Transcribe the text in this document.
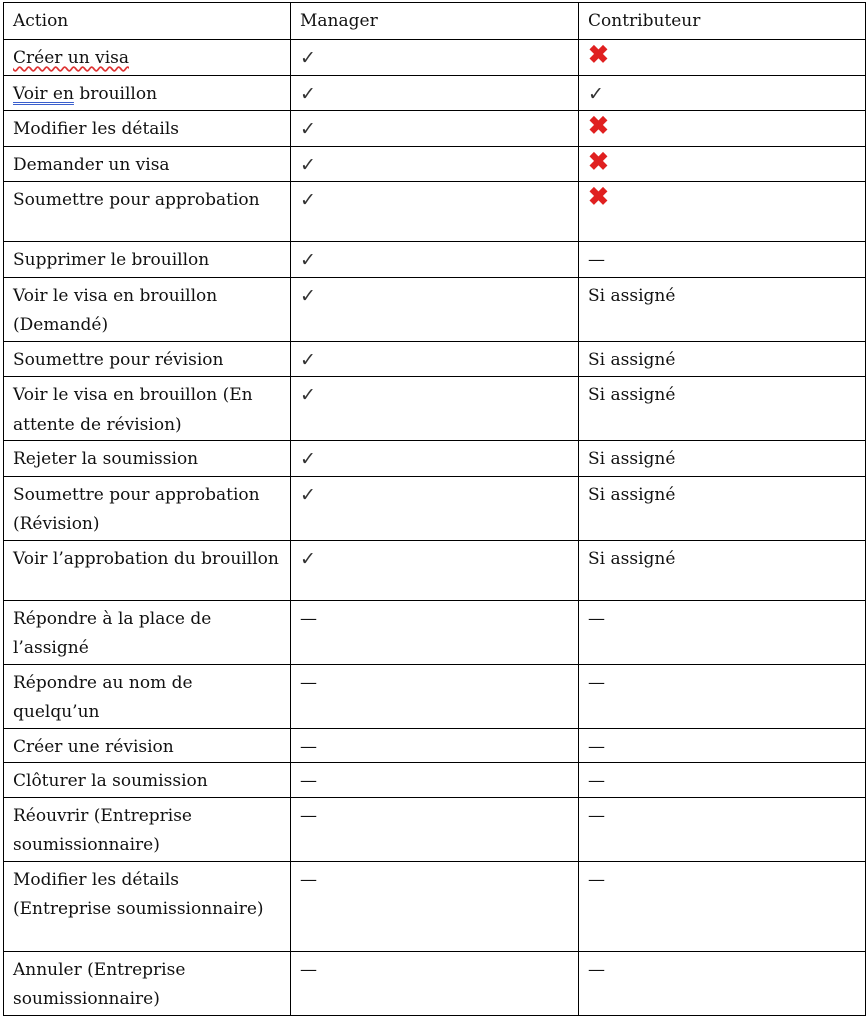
Action	Manager	Contributeur
Créer un visa	✓	✖
Voir en brouillon	✓	✓
Modifier les détails	✓	✖
Demander un visa	✓	✖
Soumettre pour approbation	✓	✖
Supprimer le brouillon	✓	—
Voir le visa en brouillon (Demandé)	✓	Si assigné
Soumettre pour révision	✓	Si assigné
Voir le visa en brouillon (En attente de révision)	✓	Si assigné
Rejeter la soumission	✓	Si assigné
Soumettre pour approbation (Révision)	✓	Si assigné
Voir l’approbation du brouillon	✓	Si assigné
Répondre à la place de l’assigné	—	—
Répondre au nom de quelqu’un	—	—
Créer une révision	—	—
Clôturer la soumission	—	—
Réouvrir (Entreprise soumissionnaire)	—	—
Modifier les détails (Entreprise soumissionnaire)	—	—
Annuler (Entreprise soumissionnaire)	—	—
